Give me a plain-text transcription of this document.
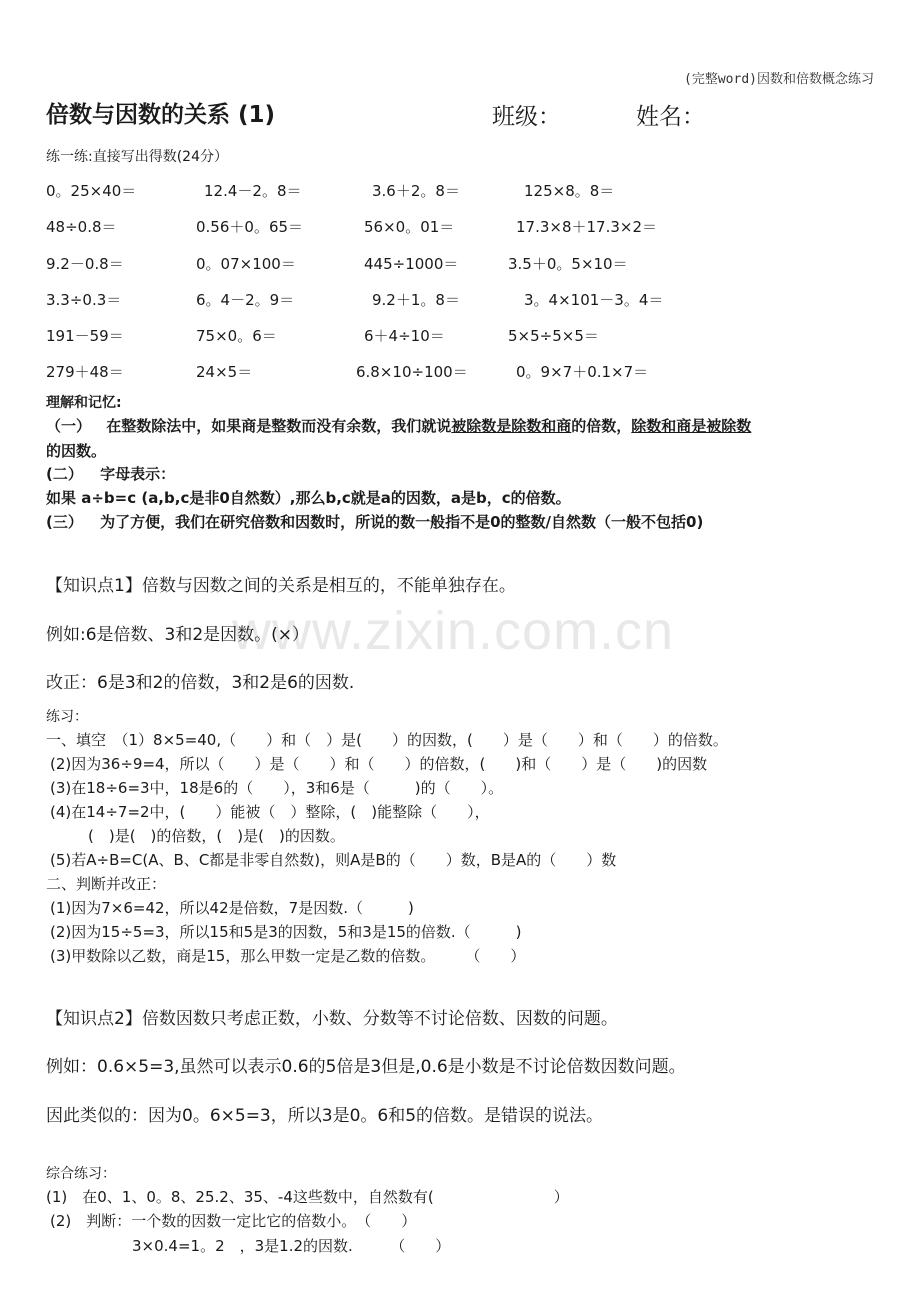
(完整word)因数和倍数概念练习
倍数与因数的关系 (1)	班级：	姓名：
练一练:直接写出得数(24分）
0。25×40＝	12.4－2。8＝	3.6＋2。8＝	125×8。8＝
48÷0.8＝	0.56＋0。65＝	56×0。01＝	17.3×8＋17.3×2＝
9.2－0.8＝	0。07×100＝	445÷1000＝	3.5＋0。5×10＝
3.3÷0.3＝	6。4－2。9＝	9.2＋1。8＝	3。4×101－3。4＝
191－59＝	75×0。6＝	6＋4÷10＝	5×5÷5×5＝
279＋48＝	24×5＝	6.8×10÷100＝	0。9×7＋0.1×7＝
理解和记忆:
（一） 在整数除法中，如果商是整数而没有余数，我们就说被除数是除数和商的倍数，除数和商是被除数
的因数。
(二） 字母表示：
如果 a÷b=c (a,b,c是非0自然数）,那么b,c就是a的因数，a是b，c的倍数。
(三） 为了方便，我们在研究倍数和因数时，所说的数一般指不是0的整数/自然数（一般不包括0)
【知识点1】倍数与因数之间的关系是相互的，不能单独存在。
www.zixin.com.cn
例如:6是倍数、3和2是因数。(×）
改正：6是3和2的倍数，3和2是6的因数.
练习：
一、填空　（1）8×5=40,（　　）和（　）是(　　）的因数，(　　）是（　　）和（　　）的倍数。
(2)因为36÷9=4，所以（　　）是（　　）和（　　）的倍数，(　　)和（　　）是（　　)的因数
(3)在18÷6=3中，18是6的（　　），3和6是（　　　)的（　　）。
(4)在14÷7=2中，(　　）能被（　）整除，(　)能整除（　　），
(　)是(　)的倍数，(　)是(　)的因数。
(5)若A÷B=C(A、B、C都是非零自然数)，则A是B的（　　）数，B是A的（　　）数
二、判断并改正：
(1)因为7×6=42，所以42是倍数，7是因数.（　　　)
(2)因为15÷5=3，所以15和5是3的因数，5和3是15的倍数.（　　　)
(3)甲数除以乙数，商是15，那么甲数一定是乙数的倍数。　　　（　　）
【知识点2】倍数因数只考虑正数，小数、分数等不讨论倍数、因数的问题。
例如：0.6×5=3,虽然可以表示0.6的5倍是3但是,0.6是小数是不讨论倍数因数问题。
因此类似的：因为0。6×5=3，所以3是0。6和5的倍数。是错误的说法。
综合练习：
(1)　在0、1、0。8、25.2、35、-4这些数中，自然数有(　　　　　　　　）
(2)　判断：一个数的因数一定比它的倍数小。　（　　）
3×0.4=1。2　，3是1.2的因数.　　　（　　）
